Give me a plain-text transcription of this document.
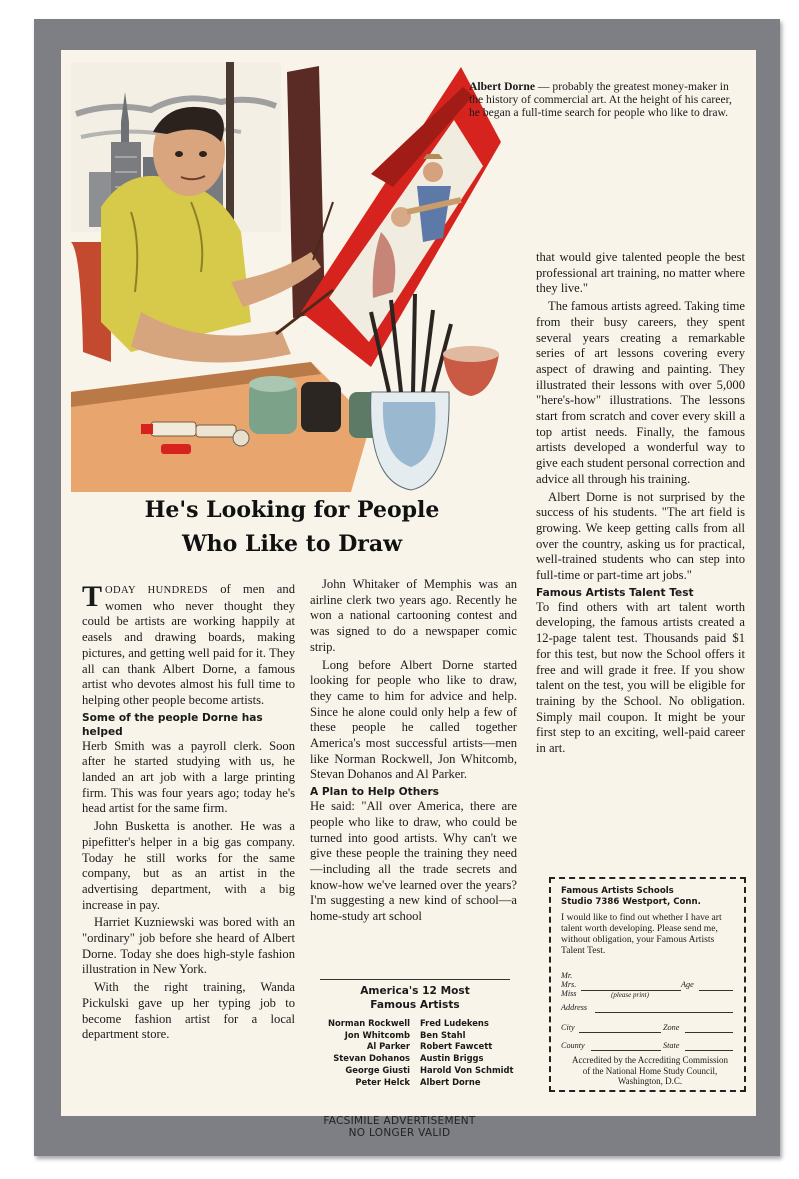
Albert Dorne — probably the greatest money-maker in the history of commercial art. At the height of his career, he began a full-time search for people who like to draw.
He's Looking for People
Who Like to Draw

TODAY HUNDREDS of men and women who never thought they could be artists are working happily at easels and drawing boards, making pictures, and getting well paid for it. They all can thank Albert Dorne, a famous artist who devotes almost his full time to helping other people become artists.

Some of the people Dorne has helped

Herb Smith was a payroll clerk. Soon after he started studying with us, he landed an art job with a large printing firm. This was four years ago; today he's head artist for the same firm.

John Busketta is another. He was a pipefitter's helper in a big gas company. Today he still works for the same company, but as an artist in the advertising department, with a big increase in pay.

Harriet Kuzniewski was bored with an "ordinary" job before she heard of Albert Dorne. Today she does high-style fashion illustration in New York.

With the right training, Wanda Pickulski gave up her typing job to become fashion artist for a local department store.

John Whitaker of Memphis was an airline clerk two years ago. Recently he won a national cartooning contest and was signed to do a newspaper comic strip.

Long before Albert Dorne started looking for people who like to draw, they came to him for advice and help. Since he alone could only help a few of these people he called together America's most successful artists—men like Norman Rockwell, Jon Whitcomb, Stevan Dohanos and Al Parker.

A Plan to Help Others

He said: "All over America, there are people who like to draw, who could be turned into good artists. Why can't we give these people the training they need—including all the trade secrets and know-how we've learned over the years? I'm suggesting a new kind of school—a home-study art school

America's 12 Most
Famous Artists
Norman Rockwell Fred Ludekens
Jon Whitcomb Ben Stahl
Al Parker Robert Fawcett
Stevan Dohanos Austin Briggs
George Giusti Harold Von Schmidt
Peter Helck Albert Dorne

that would give talented people the best professional art training, no matter where they live."

The famous artists agreed. Taking time from their busy careers, they spent several years creating a remarkable series of art lessons covering every aspect of drawing and painting. They illustrated their lessons with over 5,000 "here's-how" illustrations. The lessons start from scratch and cover every skill a top artist needs. Finally, the famous artists developed a wonderful way to give each student personal correction and advice all through his training.

Albert Dorne is not surprised by the success of his students. "The art field is growing. We keep getting calls from all over the country, asking us for practical, well-trained students who can step into full-time or part-time art jobs."

Famous Artists Talent Test

To find others with art talent worth developing, the famous artists created a 12-page talent test. Thousands paid $1 for this test, but now the School offers it free and will grade it free. If you show talent on the test, you will be eligible for training by the School. No obligation. Simply mail coupon. It might be your first step to an exciting, well-paid career in art.

Famous Artists Schools
Studio 7386 Westport, Conn.
I would like to find out whether I have art talent worth developing. Please send me, without obligation, your Famous Artists Talent Test.
Mr.
Mrs.
Miss
Age
(please print)
Address
City	Zone
County	State
Accredited by the Accrediting Commission of the National Home Study Council, Washington, D.C.
FACSIMILE ADVERTISEMENT
NO LONGER VALID
